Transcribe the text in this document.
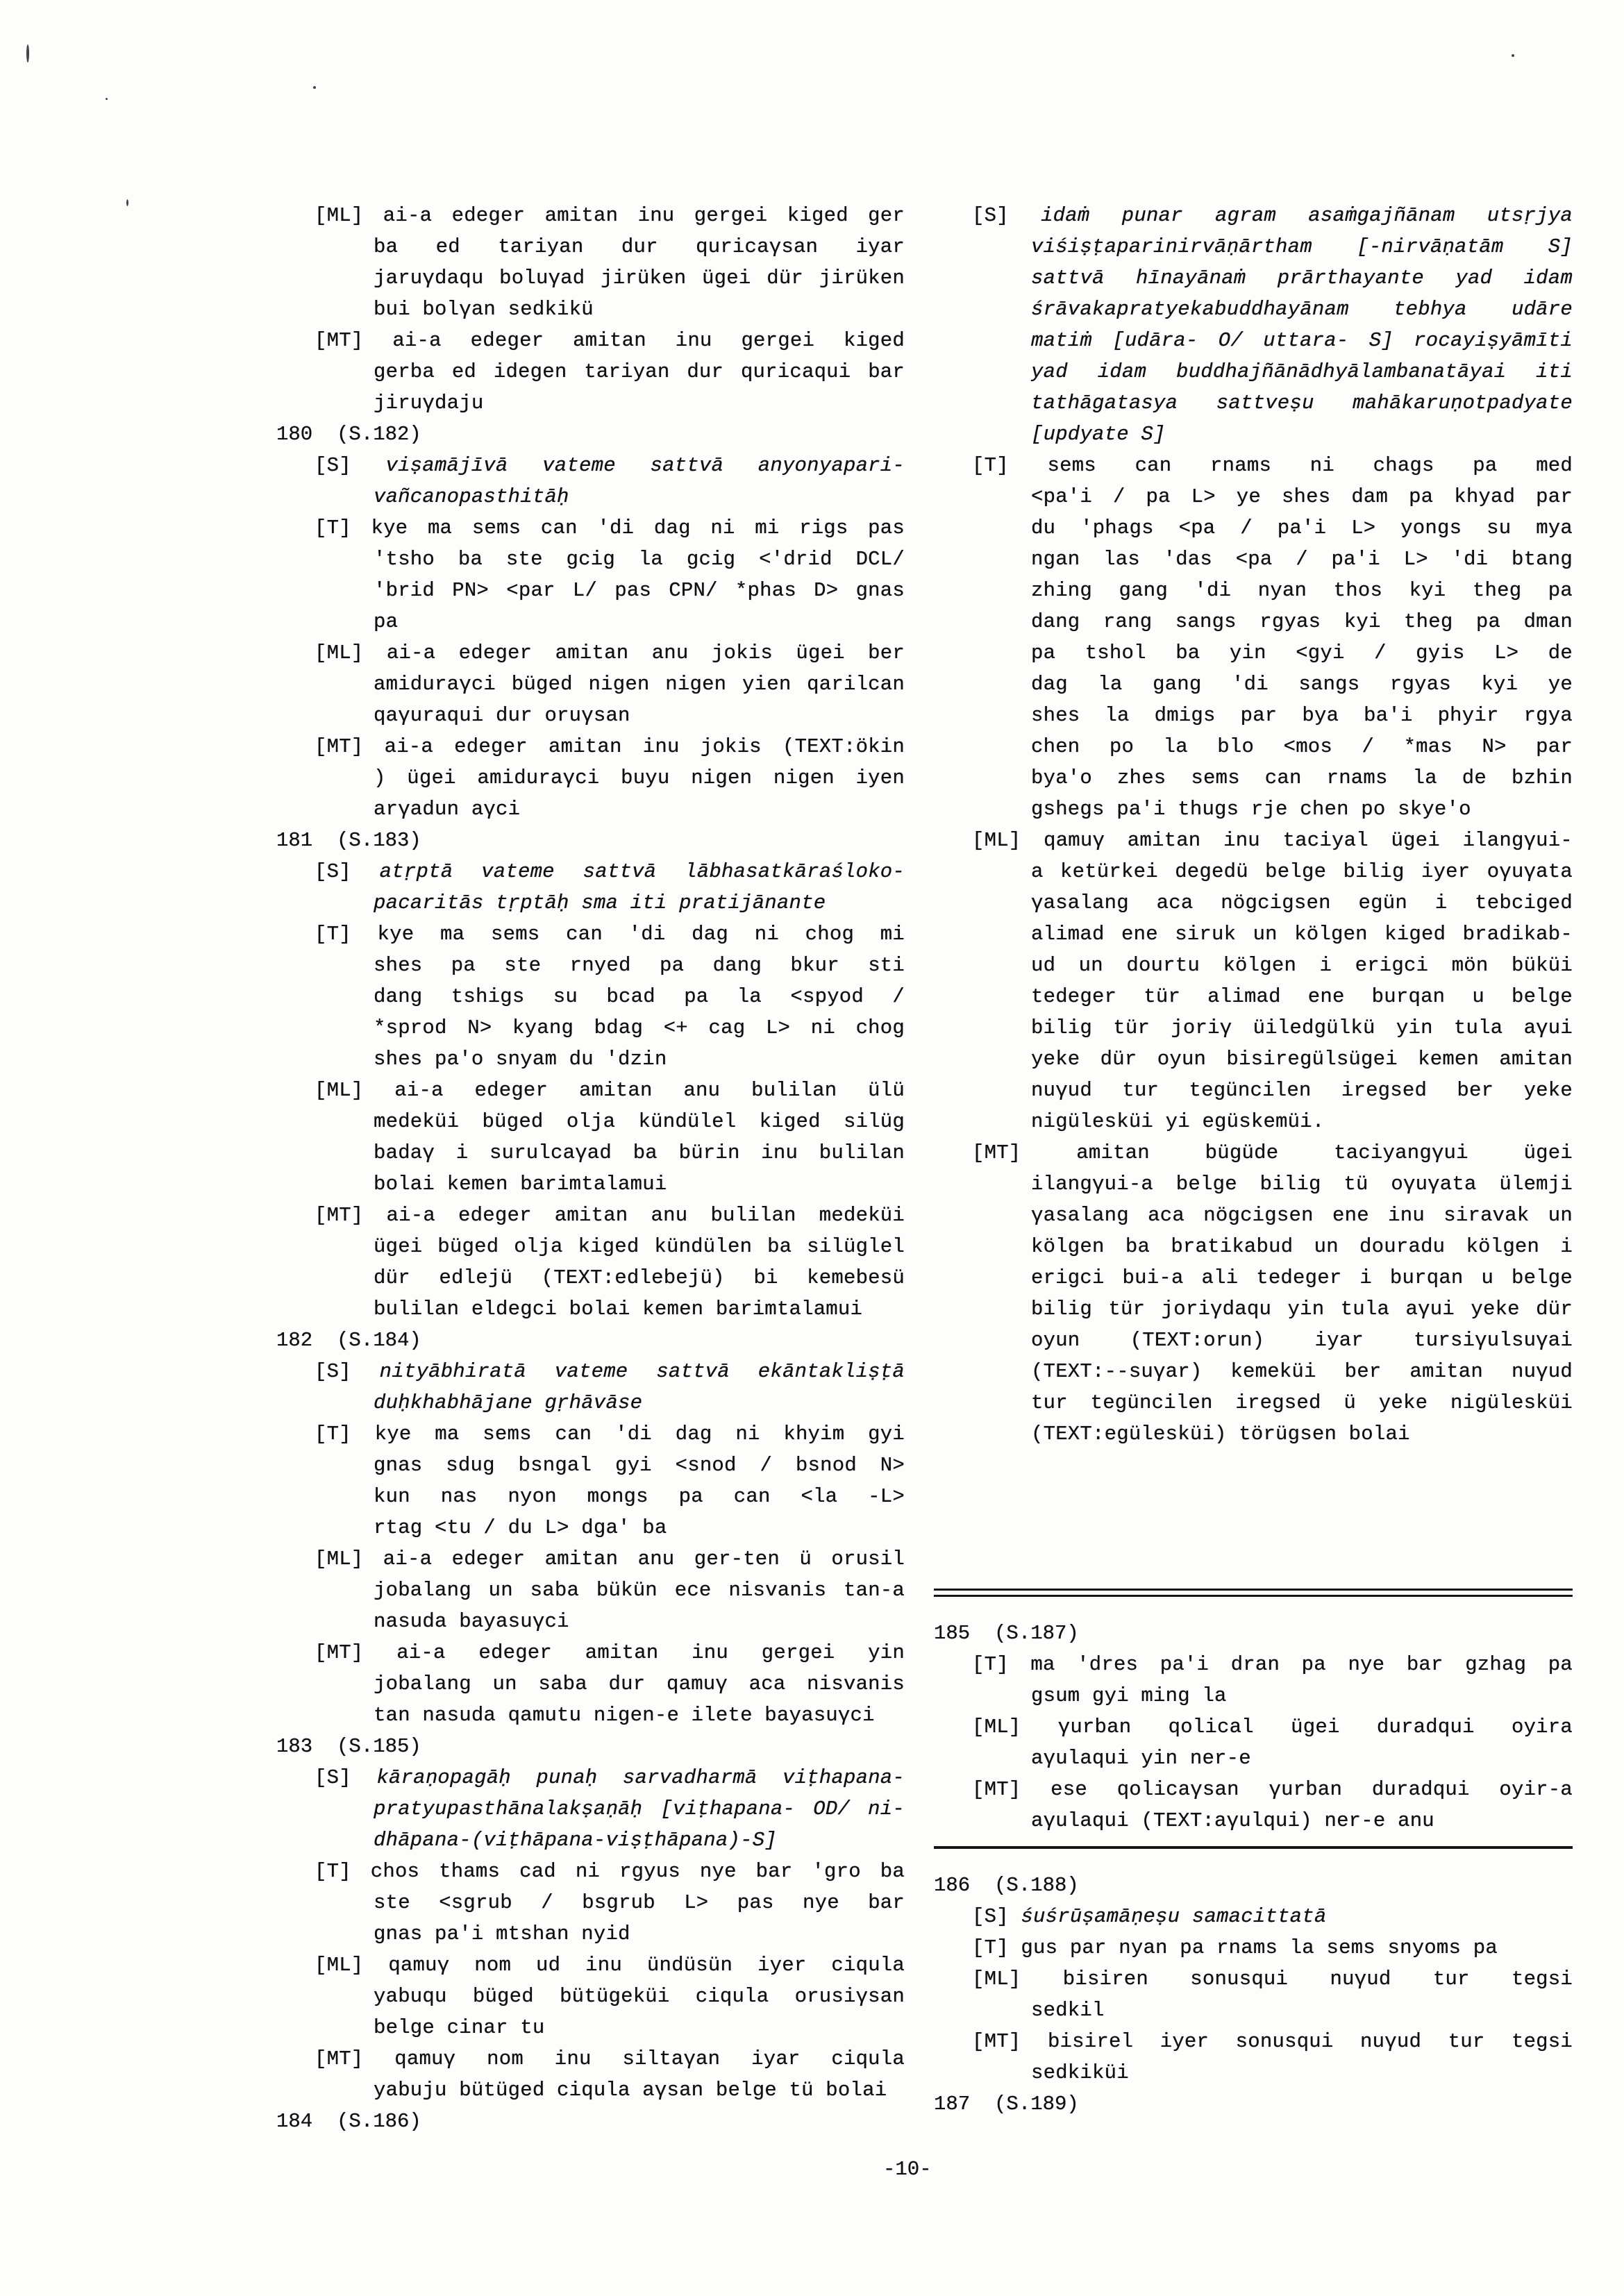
[ML] ai-a edeger amitan inu gergei kiged ger
ba ed tariyan dur quricaγsan iyar
jaruγdaqu boluγad jirüken ügei dür jirüken
bui bolγan sedkikü
[MT] ai-a edeger amitan inu gergei kiged
gerba ed idegen tariyan dur quricaqui bar
jiruγdaju
180  (S.182)
[S] viṣamājīvā vateme sattvā anyonyapari-
vañcanopasthitāḥ
[T] kye ma sems can 'di dag ni mi rigs pas
'tsho ba ste gcig la gcig <'drid DCL/
'brid PN> <par L/ pas CPN/ *phas D> gnas
pa
[ML] ai-a edeger amitan anu jokis ügei ber
amiduraγci büged nigen nigen yien qarilcan
qaγuraqui dur oruγsan
[MT] ai-a edeger amitan inu jokis (TEXT:ökin
) ügei amiduraγci buyu nigen nigen iyen
arγadun aγci
181  (S.183)
[S] atṛptā vateme sattvā lābhasatkāraśloko-
pacaritās tṛptāḥ sma iti pratijānante
[T] kye ma sems can 'di dag ni chog mi
shes pa ste rnyed pa dang bkur sti
dang tshigs su bcad pa la <spyod /
*sprod N> kyang bdag <+ cag L> ni chog
shes pa'o snyam du 'dzin
[ML] ai-a edeger amitan anu bulilan ülü
medeküi büged olja kündülel kiged silüg
badaγ i surulcaγad ba bürin inu bulilan
bolai kemen barimtalamui
[MT] ai-a edeger amitan anu bulilan medeküi
ügei büged olja kiged kündülen ba silüglel
dür edlejü (TEXT:edlebejü) bi kemebesü
bulilan eldegci bolai kemen barimtalamui
182  (S.184)
[S] nityābhiratā vateme sattvā ekāntakliṣṭā
duḥkhabhājane gṛhāvāse
[T] kye ma sems can 'di dag ni khyim gyi
gnas sdug bsngal gyi <snod / bsnod N>
kun nas nyon mongs pa can <la -L>
rtag <tu / du L> dga' ba
[ML] ai-a edeger amitan anu ger-ten ü orusil
jobalang un saba bükün ece nisvanis tan-a
nasuda bayasuγci
[MT] ai-a edeger amitan inu gergei yin
jobalang un saba dur qamuγ aca nisvanis
tan nasuda qamutu nigen-e ilete bayasuγci
183  (S.185)
[S] kāraṇopagāḥ punaḥ sarvadharmā viṭhapana-
pratyupasthānalakṣaṇāḥ [viṭhapana- OD/ ni-
dhāpana-(viṭhāpana-viṣṭhāpana)-S]
[T] chos thams cad ni rgyus nye bar 'gro ba
ste <sgrub / bsgrub L> pas nye bar
gnas pa'i mtshan nyid
[ML] qamuγ nom ud inu ündüsün iyer ciqula
yabuqu büged bütügeküi ciqula orusiγsan
belge cinar tu
[MT] qamuγ nom inu siltaγan iyar ciqula
yabuju bütüged ciqula aγsan belge tü bolai
184  (S.186)
[S] idaṁ punar agram asaṁgajñānam utsṛjya
viśiṣṭaparinirvāṇārtham [-nirvāṇatām S]
sattvā hīnayānaṁ prārthayante yad idam
śrāvakapratyekabuddhayānam tebhya udāre
matiṁ [udāra- O/ uttara- S] rocayiṣyāmīti
yad idam buddhajñānādhyālambanatāyai iti
tathāgatasya sattveṣu mahākaruṇotpadyate
[updyate S]
[T] sems can rnams ni chags pa med
<pa'i / pa L> ye shes dam pa khyad par
du 'phags <pa / pa'i L> yongs su mya
ngan las 'das <pa / pa'i L> 'di btang
zhing gang 'di nyan thos kyi theg pa
dang rang sangs rgyas kyi theg pa dman
pa tshol ba yin <gyi / gyis L> de
dag la gang 'di sangs rgyas kyi ye
shes la dmigs par bya ba'i phyir rgya
chen po la blo <mos / *mas N> par
bya'o zhes sems can rnams la de bzhin
gshegs pa'i thugs rje chen po skye'o
[ML] qamuγ amitan inu taciyal ügei ilangγui-
a ketürkei degedü belge bilig iyer oγuγata
γasalang aca nögcigsen egün i tebciged
alimad ene siruk un kölgen kiged bradikab-
ud un dourtu kölgen i erigci mön büküi
tedeger tür alimad ene burqan u belge
bilig tür joriγ üiledgülkü yin tula aγui
yeke dür oyun bisiregülsügei kemen amitan
nuγud tur tegüncilen iregsed ber yeke
nigülesküi yi egüskemüi.
[MT] amitan bügüde taciyangγui ügei
ilangγui-a belge bilig tü oγuγata ülemji
γasalang aca nögcigsen ene inu siravak un
kölgen ba bratikabud un douradu kölgen i
erigci bui-a ali tedeger i burqan u belge
bilig tür joriγdaqu yin tula aγui yeke dür
oyun (TEXT:orun) iyar tursiγulsuγai
(TEXT:--suγar) kemeküi ber amitan nuγud
tur tegüncilen iregsed ü yeke nigülesküi
(TEXT:egülesküi) törügsen bolai
185  (S.187)
[T] ma 'dres pa'i dran pa nye bar gzhag pa
gsum gyi ming la
[ML] γurban qolical ügei duradqui oyira
aγulaqui yin ner-e
[MT] ese qolicaγsan γurban duradqui oyir-a
aγulaqui (TEXT:aγulqui) ner-e anu
186  (S.188)
[S] śuśrūṣamāṇeṣu samacittatā
[T] gus par nyan pa rnams la sems snyoms pa
[ML] bisiren sonusqui nuγud tur tegsi
sedkil
[MT] bisirel iyer sonusqui nuγud tur tegsi
sedkiküi
187  (S.189)
-10-
